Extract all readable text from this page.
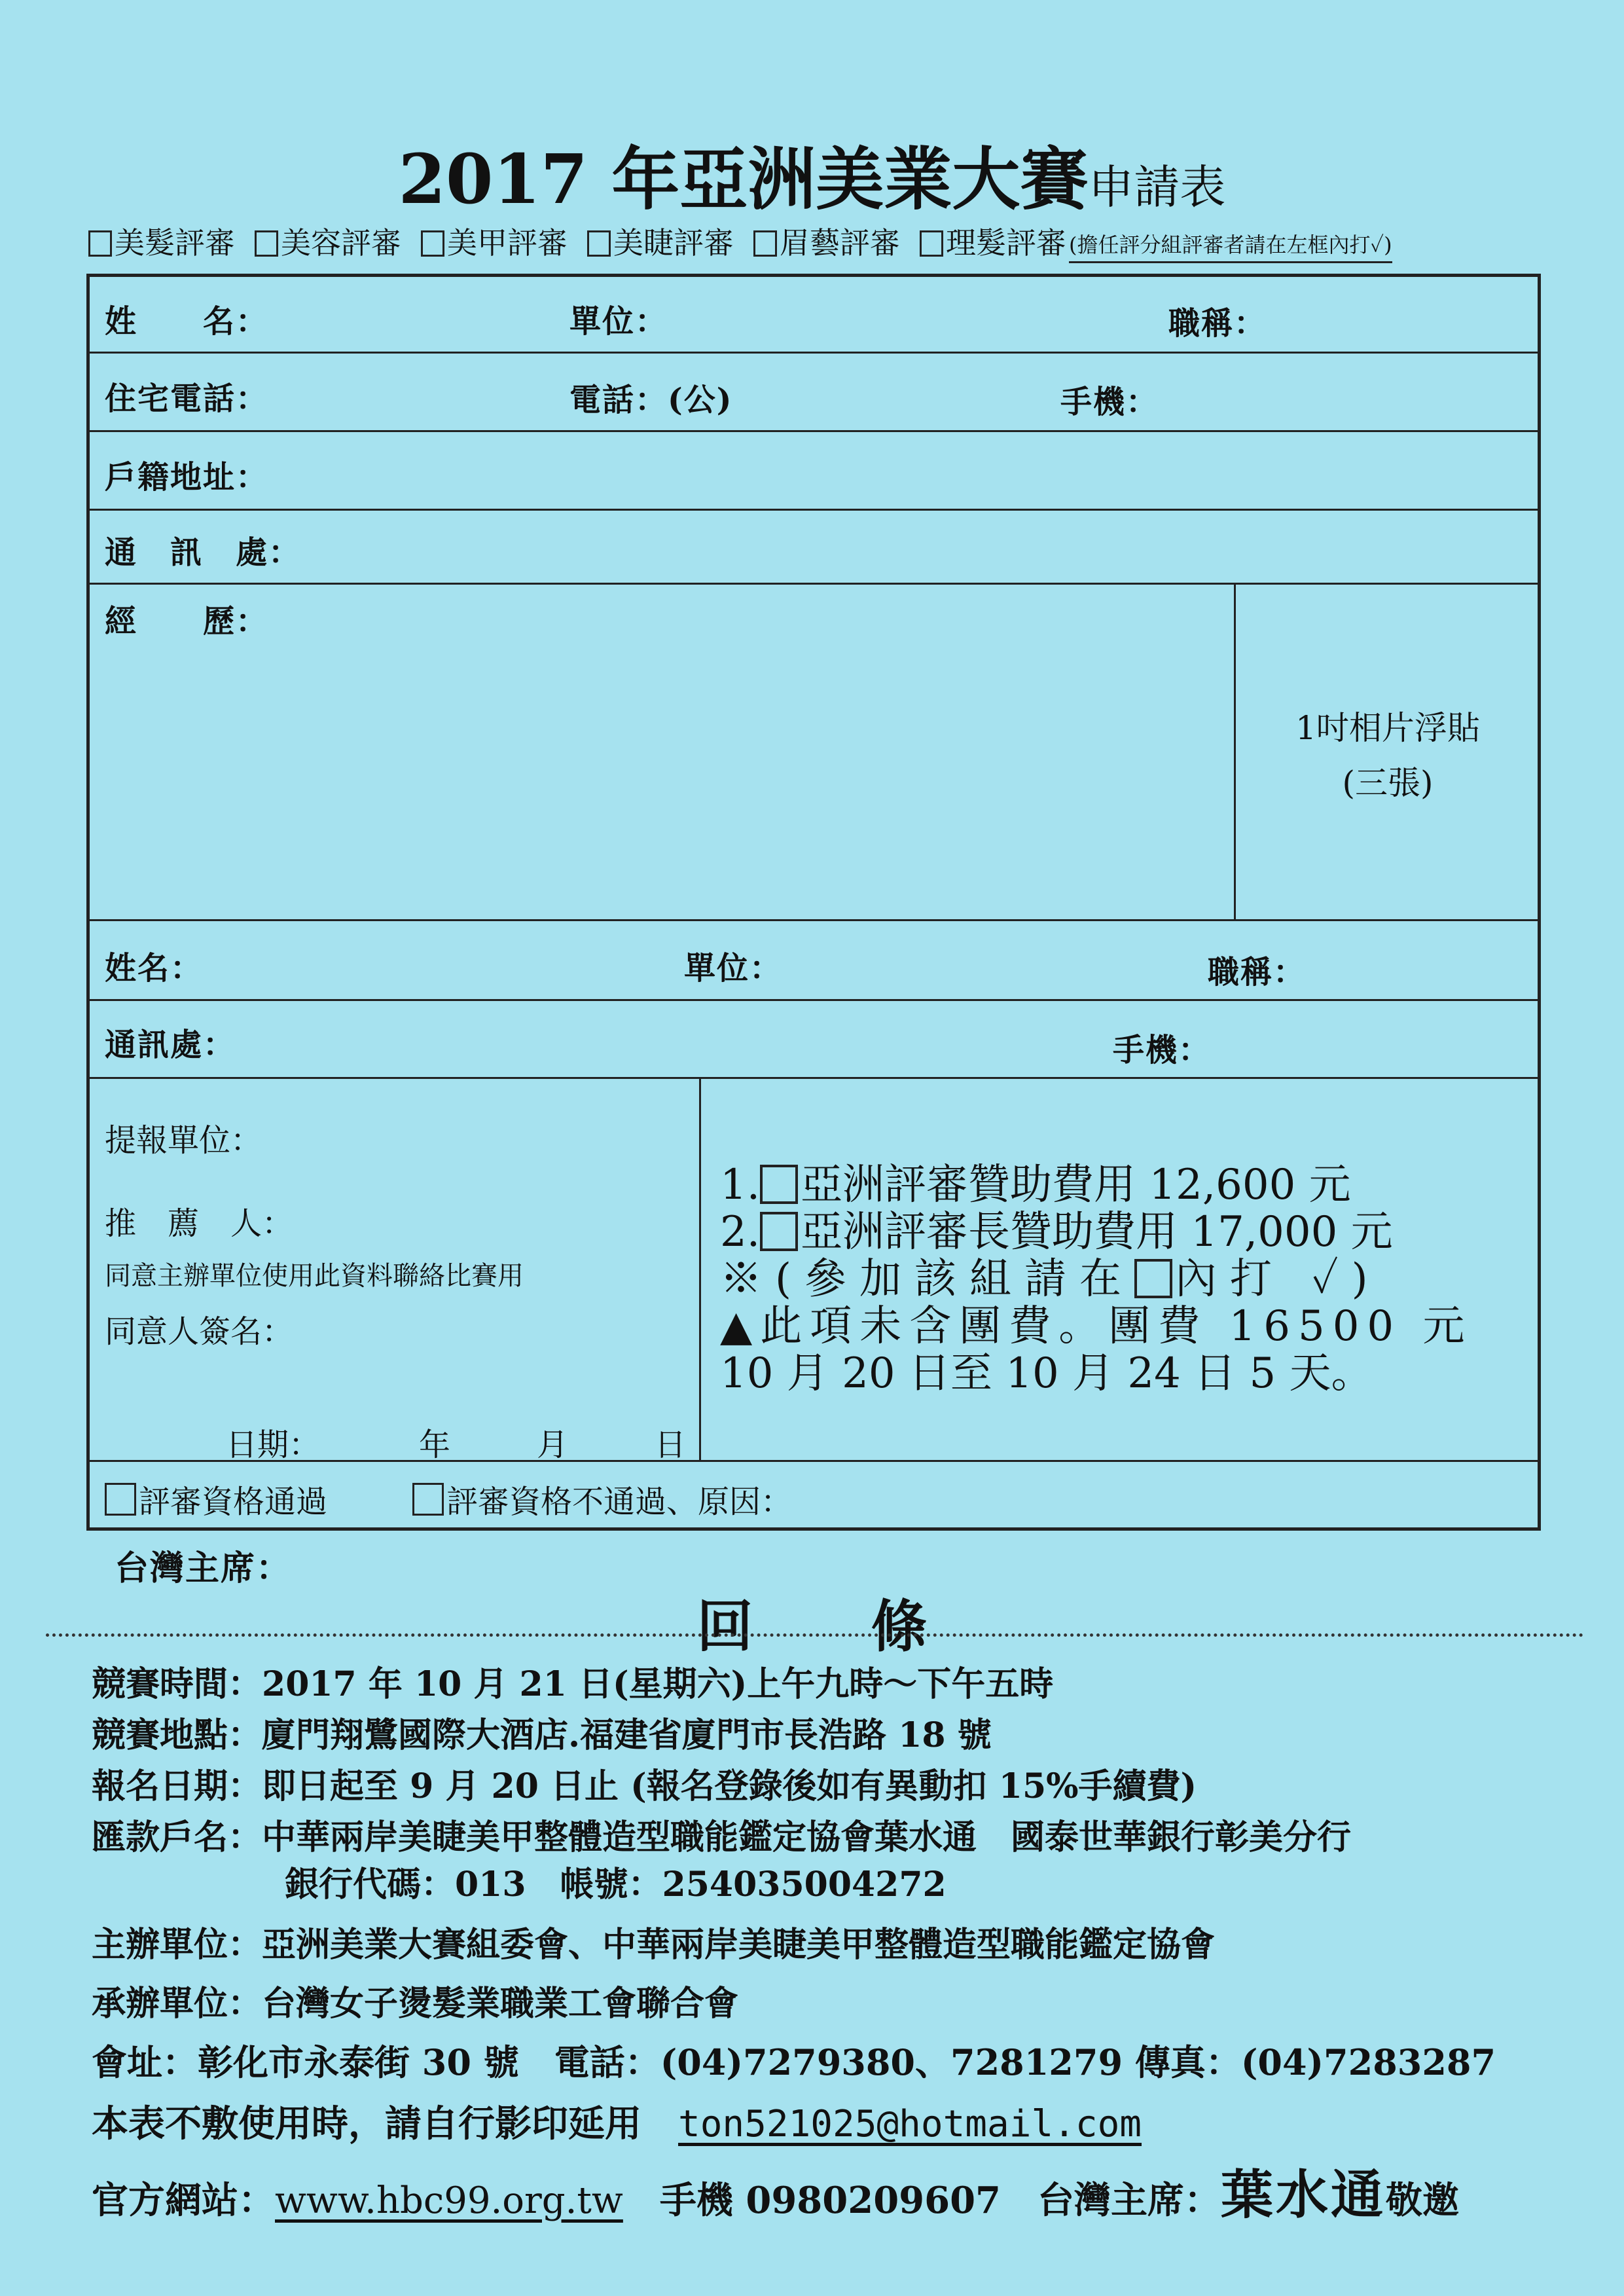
2017 年亞洲美業大賽申請表
美髮評審 美容評審 美甲評審 美睫評審 眉藝評審 理髮評審 (擔任評分組評審者請在左框內打✓)
姓　　名：	單位：	職稱：
住宅電話：	電話：(公)	手機：
戶籍地址：
通　訊　處：
經　　歷：
1吋相片浮貼
(三張)
姓名：	單位：	職稱：
通訊處：	手機：
提報單位：
推　薦　人：
同意主辦單位使用此資料聯絡比賽用
同意人簽名：
日期：	年	月	日
1. 亞洲評審贊助費用 12,600 元
2. 亞洲評審長贊助費用 17,000 元
※(參加該組請在 內打 ✓)
▲此項未含團費。團費 16500 元
10 月 20 日至 10 月 24 日 5 天。
評審資格通過	評審資格不通過、原因：
台灣主席：
回條
競賽時間：2017 年 10 月 21 日(星期六)上午九時～下午五時
競賽地點：廈門翔鷺國際大酒店.福建省廈門市長浩路 18 號
報名日期：即日起至 9 月 20 日止 (報名登錄後如有異動扣 15%手續費)
匯款戶名：中華兩岸美睫美甲整體造型職能鑑定協會葉水通　國泰世華銀行彰美分行
銀行代碼：013　帳號：254035004272
主辦單位：亞洲美業大賽組委會、中華兩岸美睫美甲整體造型職能鑑定協會
承辦單位：台灣女子燙髮業職業工會聯合會
會址：彰化市永泰街 30 號　電話：(04)7279380、7281279 傳真：(04)7283287
本表不敷使用時，請自行影印延用　 ton521025@hotmail.com
官方網站：www.hbc99.org.tw　 手機 0980209607　 台灣主席：葉水通敬邀
